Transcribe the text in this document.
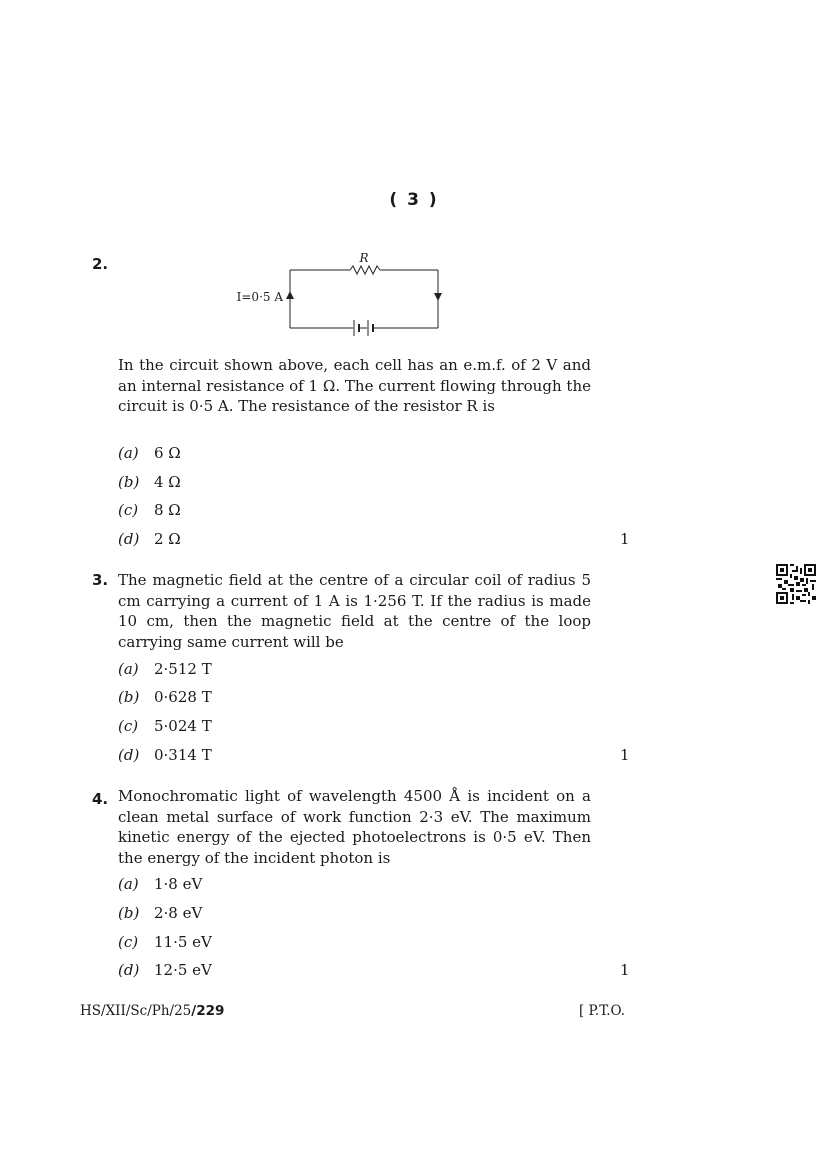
( 3 )
2.	R
I=0·5 A
In the circuit shown above, each cell has an e.m.f. of 2 V and an internal resistance of 1 Ω. The current flowing through the circuit is 0·5 A. The resistance of the resistor R is
(a) 6 Ω
(b) 4 Ω
(c) 8 Ω
(d) 2 Ω	1
3. The magnetic field at the centre of a circular coil of radius 5 cm carrying a current of 1 A is 1·256 T. If the radius is made 10 cm, then the magnetic field at the centre of the loop carrying same current will be
(a) 2·512 T
(b) 0·628 T
(c) 5·024 T
(d) 0·314 T	1
4. Monochromatic light of wavelength 4500 Å is incident on a clean metal surface of work function 2·3 eV. The maximum kinetic energy of the ejected photoelectrons is 0·5 eV. Then the energy of the incident photon is
(a) 1·8 eV
(b) 2·8 eV
(c) 11·5 eV
(d) 12·5 eV	1
HS/XII/Sc/Ph/25/229	[ P.T.O.
